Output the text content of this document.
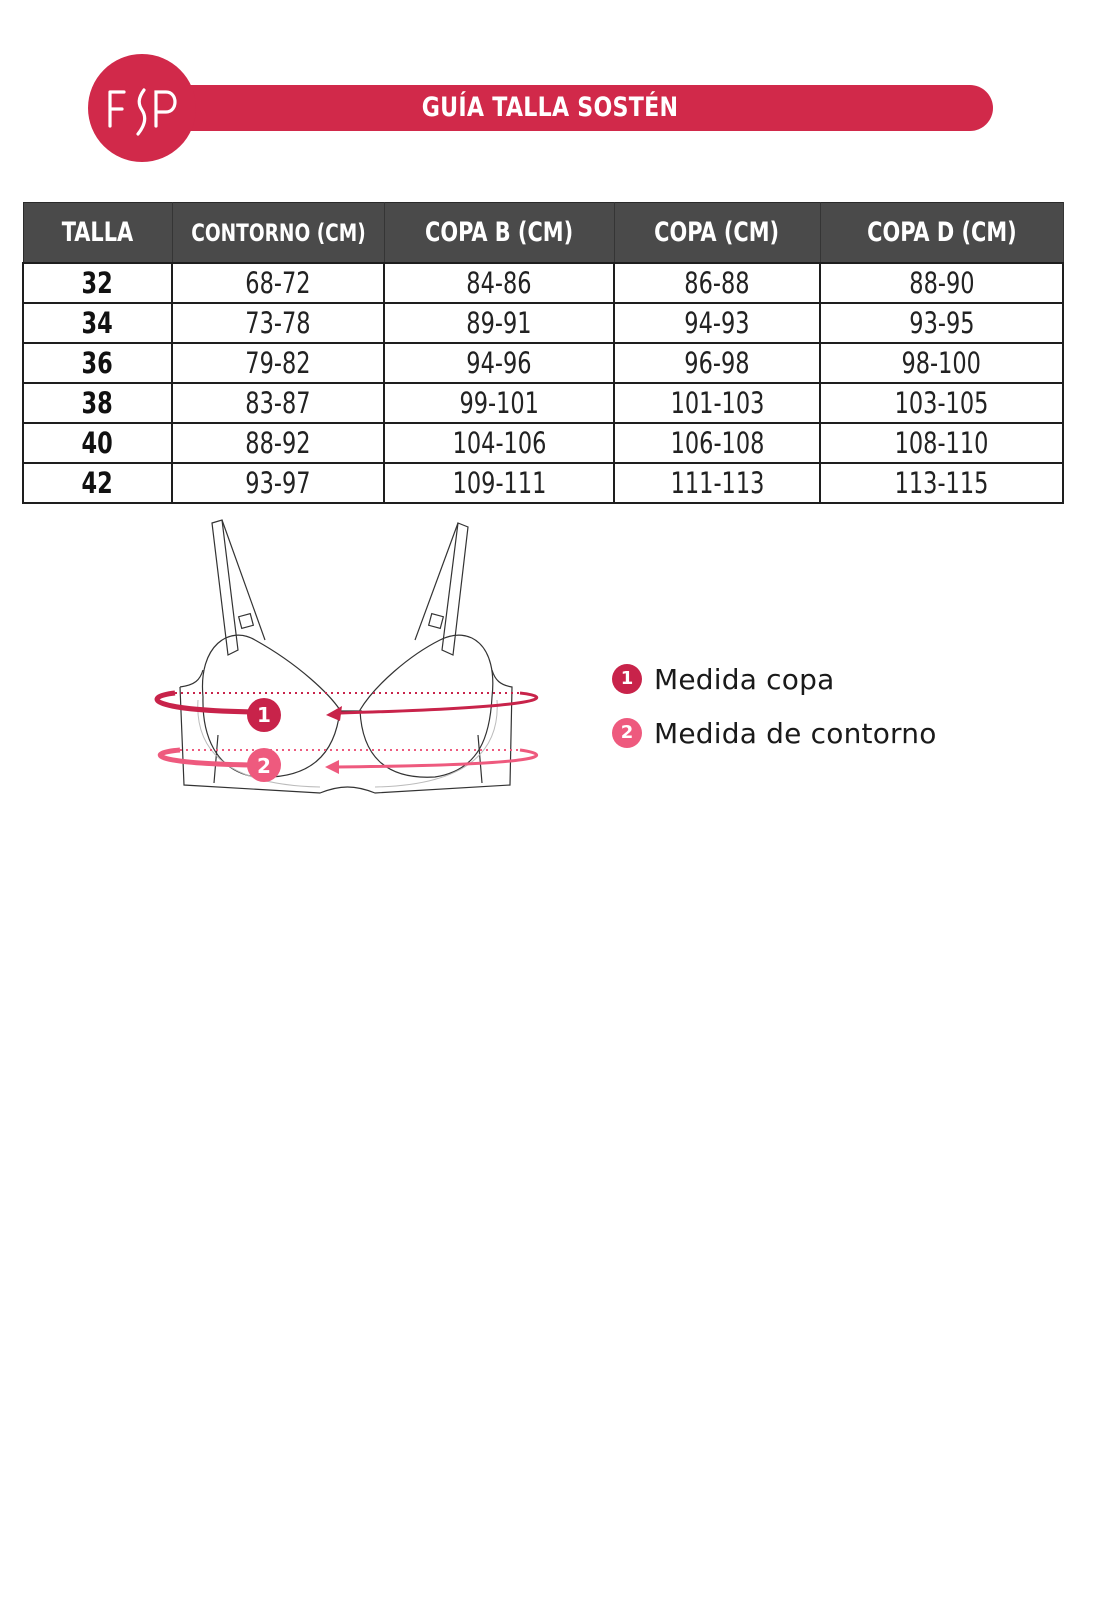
GUÍA TALLA SOSTÉN
TALLA	CONTORNO (CM)	COPA B (CM)	COPA (CM)	COPA D (CM)
32	68-72	84-86	86-88	88-90
34	73-78	89-91	94-93	93-95
36	79-82	94-96	96-98	98-100
38	83-87	99-101	101-103	103-105
40	88-92	104-106	106-108	108-110
42	93-97	109-111	111-113	113-115
1
2
1 Medida copa
2 Medida de contorno
